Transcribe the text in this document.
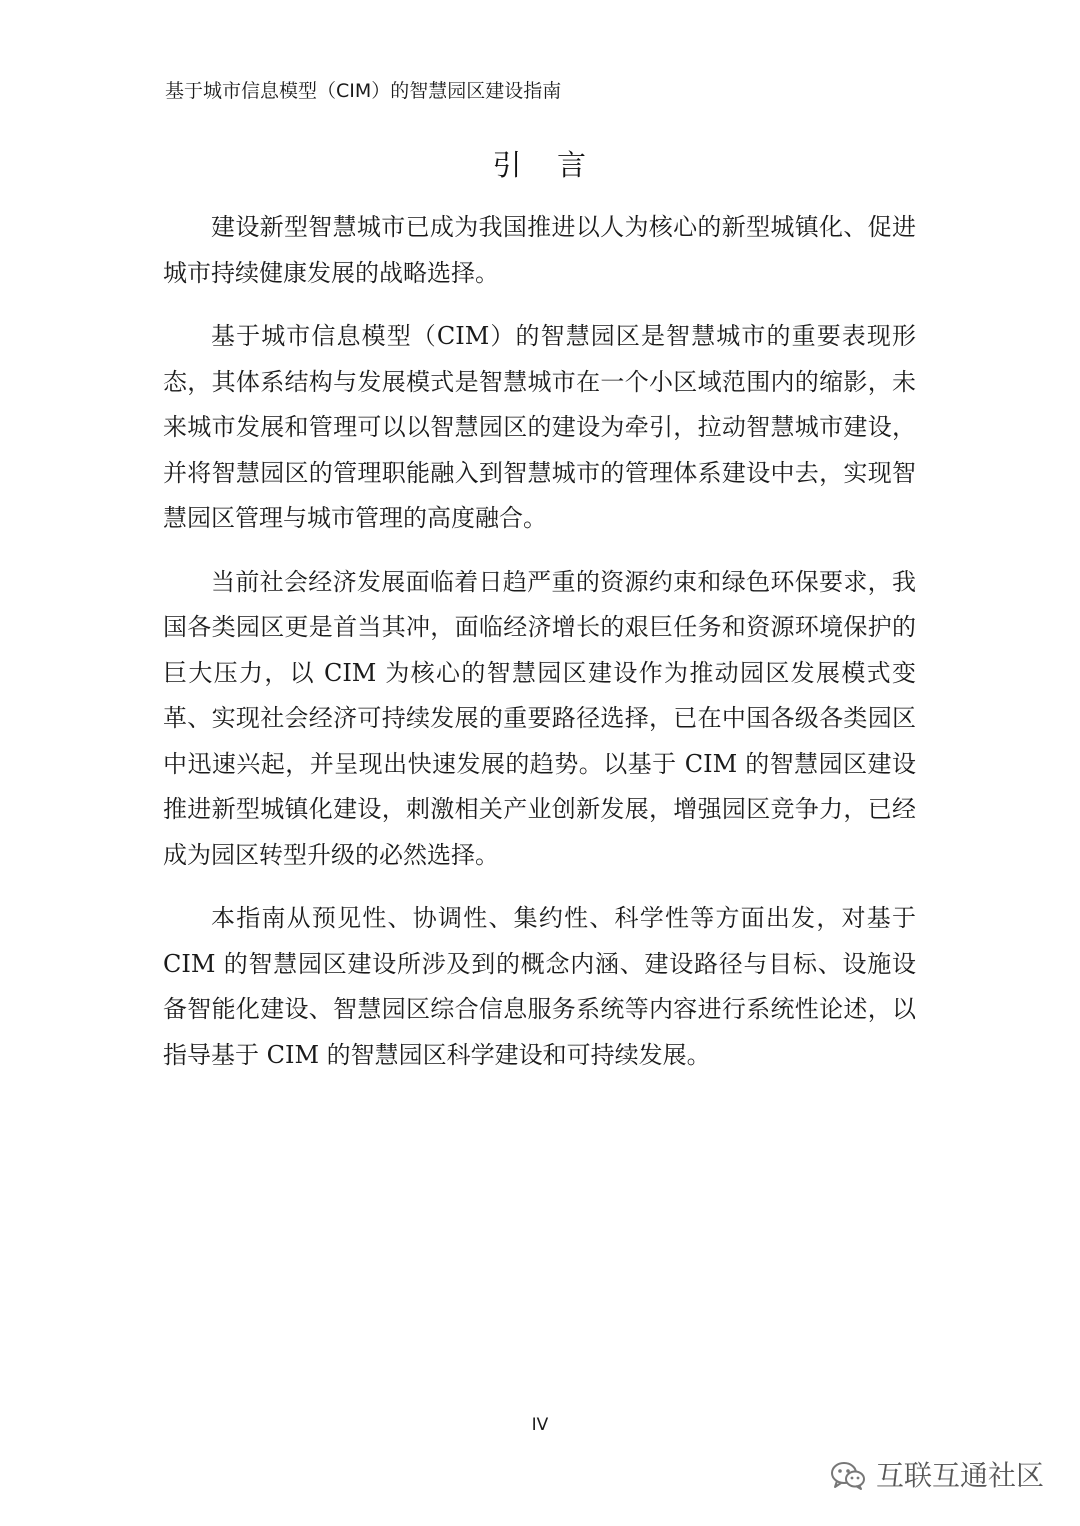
基于城市信息模型（CIM）的智慧园区建设指南
引 言

建设新型智慧城市已成为我国推进以人为核心的新型城镇化、促进城市持续健康发展的战略选择。

基于城市信息模型（CIM）的智慧园区是智慧城市的重要表现形态，其体系结构与发展模式是智慧城市在一个小区域范围内的缩影，未来城市发展和管理可以以智慧园区的建设为牵引，拉动智慧城市建设，并将智慧园区的管理职能融入到智慧城市的管理体系建设中去，实现智慧园区管理与城市管理的高度融合。

当前社会经济发展面临着日趋严重的资源约束和绿色环保要求，我国各类园区更是首当其冲，面临经济增长的艰巨任务和资源环境保护的巨大压力，以 CIM 为核心的智慧园区建设作为推动园区发展模式变革、实现社会经济可持续发展的重要路径选择，已在中国各级各类园区中迅速兴起，并呈现出快速发展的趋势。以基于 CIM 的智慧园区建设推进新型城镇化建设，刺激相关产业创新发展，增强园区竞争力，已经成为园区转型升级的必然选择。

本指南从预见性、协调性、集约性、科学性等方面出发，对基于 CIM 的智慧园区建设所涉及到的概念内涵、建设路径与目标、设施设备智能化建设、智慧园区综合信息服务系统等内容进行系统性论述，以指导基于 CIM 的智慧园区科学建设和可持续发展。

IV
互联互通社区
